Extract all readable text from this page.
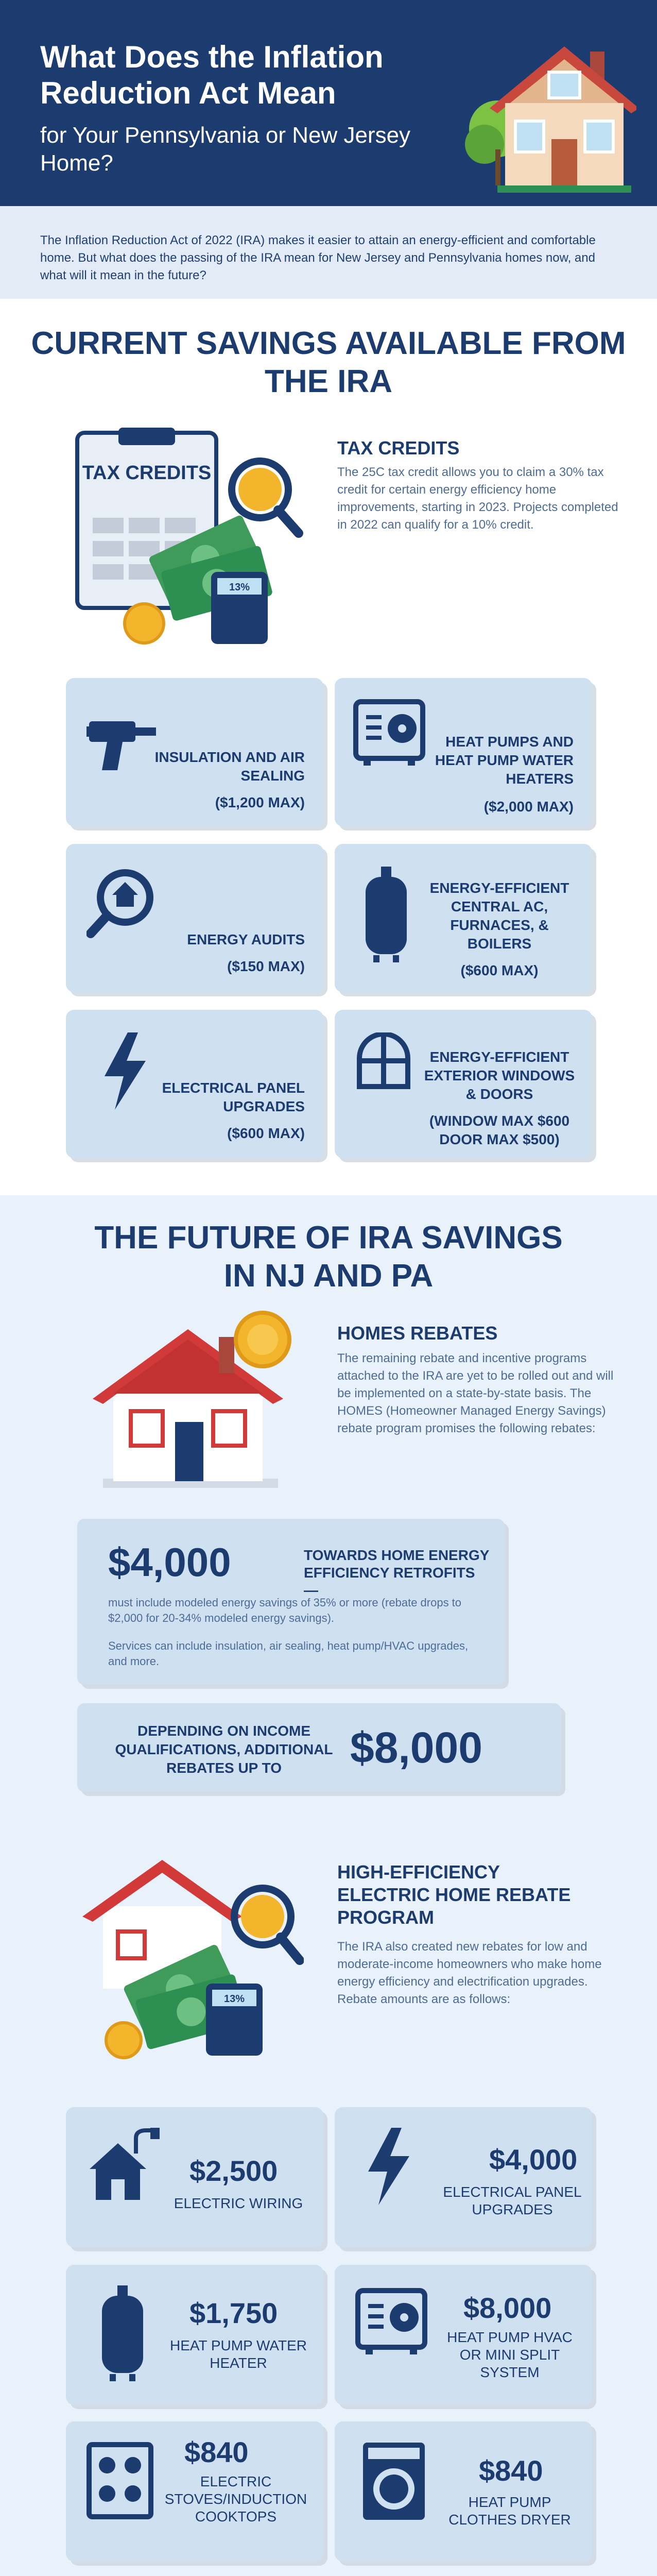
What Does the Inflation Reduction Act Mean
for Your Pennsylvania or New Jersey Home?

The Inflation Reduction Act of 2022 (IRA) makes it easier to attain an energy-efficient and comfortable home. But what does the passing of the IRA mean for New Jersey and Pennsylvania homes now, and what will it mean in the future?

CURRENT SAVINGS AVAILABLE FROM THE IRA
TAX CREDITS
13%
TAX CREDITS
The 25C tax credit allows you to claim a 30% tax credit for certain energy efficiency home improvements, starting in 2023. Projects completed in 2022 can qualify for a 10% credit.
INSULATION AND AIR SEALING
($1,200 MAX)
HEAT PUMPS AND HEAT PUMP WATER HEATERS
($2,000 MAX)
ENERGY AUDITS
($150 MAX)
ENERGY-EFFICIENT CENTRAL AC, FURNACES, & BOILERS
($600 MAX)
ELECTRICAL PANEL UPGRADES
($600 MAX)
ENERGY-EFFICIENT EXTERIOR WINDOWS & DOORS
(WINDOW MAX $600 DOOR MAX $500)
THE FUTURE OF IRA SAVINGS IN NJ AND PA
HOMES REBATES
The remaining rebate and incentive programs attached to the IRA are yet to be rolled out and will be implemented on a state-by-state basis. The HOMES (Homeowner Managed Energy Savings) rebate program promises the following rebates:
$4,000	TOWARDS HOME ENERGY EFFICIENCY RETROFITS—
must include modeled energy savings of 35% or more (rebate drops to $2,000 for 20-34% modeled energy savings).
Services can include insulation, air sealing, heat pump/HVAC upgrades, and more.
DEPENDING ON INCOME QUALIFICATIONS, ADDITIONAL REBATES UP TO	$8,000
13%
HIGH-EFFICIENCY ELECTRIC HOME REBATE PROGRAM
The IRA also created new rebates for low and moderate-income homeowners who make home energy efficiency and electrification upgrades. Rebate amounts are as follows:
$2,500
ELECTRIC WIRING
$4,000
ELECTRICAL PANEL UPGRADES
$1,750
HEAT PUMP WATER HEATER
$8,000
HEAT PUMP HVAC OR MINI SPLIT SYSTEM
$840
ELECTRIC STOVES/INDUCTION COOKTOPS
$840
HEAT PUMP CLOTHES DRYER
